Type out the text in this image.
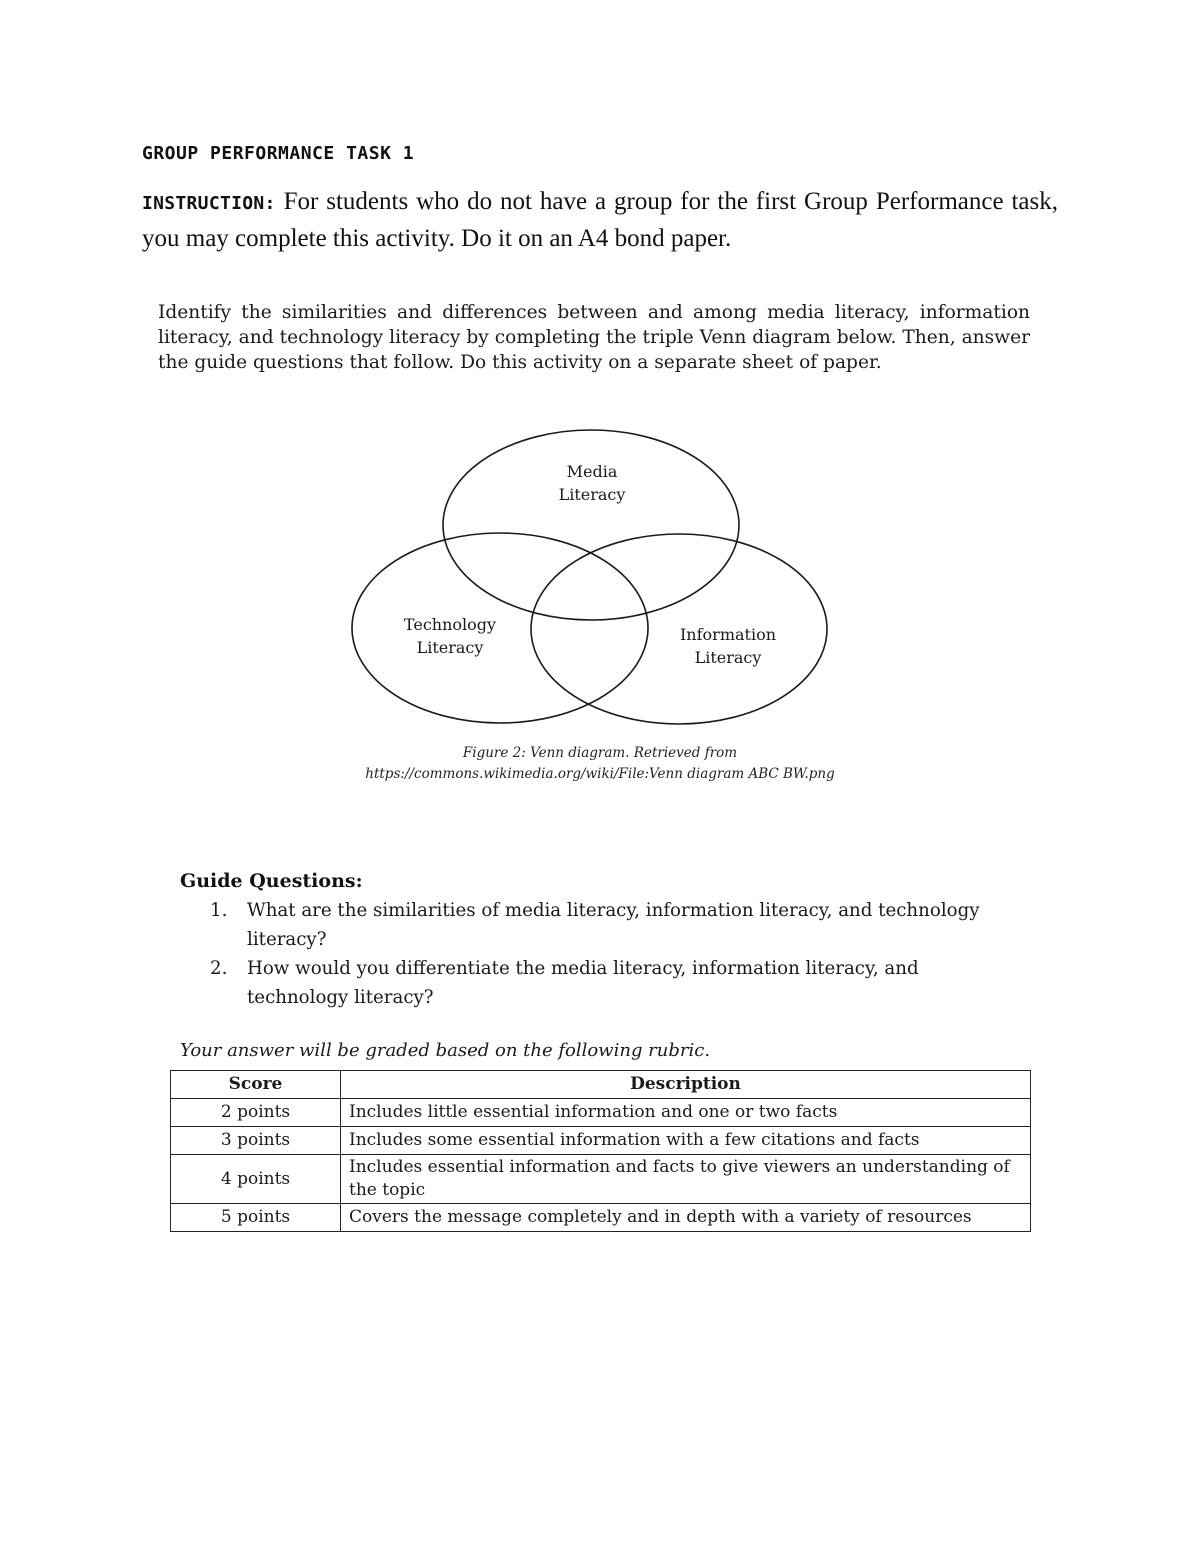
GROUP PERFORMANCE TASK 1

INSTRUCTION: For students who do not have a group for the first Group Performance task, you may complete this activity. Do it on an A4 bond paper.

Identify the similarities and differences between and among media literacy, information literacy, and technology literacy by completing the triple Venn diagram below. Then, answer the guide questions that follow. Do this activity on a separate sheet of paper.

Media
Literacy
Technology
Literacy
Information
Literacy

Figure 2: Venn diagram. Retrieved from
https://commons.wikimedia.org/wiki/File:Venn diagram ABC BW.png

Guide Questions:
1.	What are the similarities of media literacy, information literacy, and technology literacy?
2.	How would you differentiate the media literacy, information literacy, and technology literacy?

Your answer will be graded based on the following rubric.

Score	Description
2 points	Includes little essential information and one or two facts
3 points	Includes some essential information with a few citations and facts
4 points	Includes essential information and facts to give viewers an understanding of the topic
5 points	Covers the message completely and in depth with a variety of resources
